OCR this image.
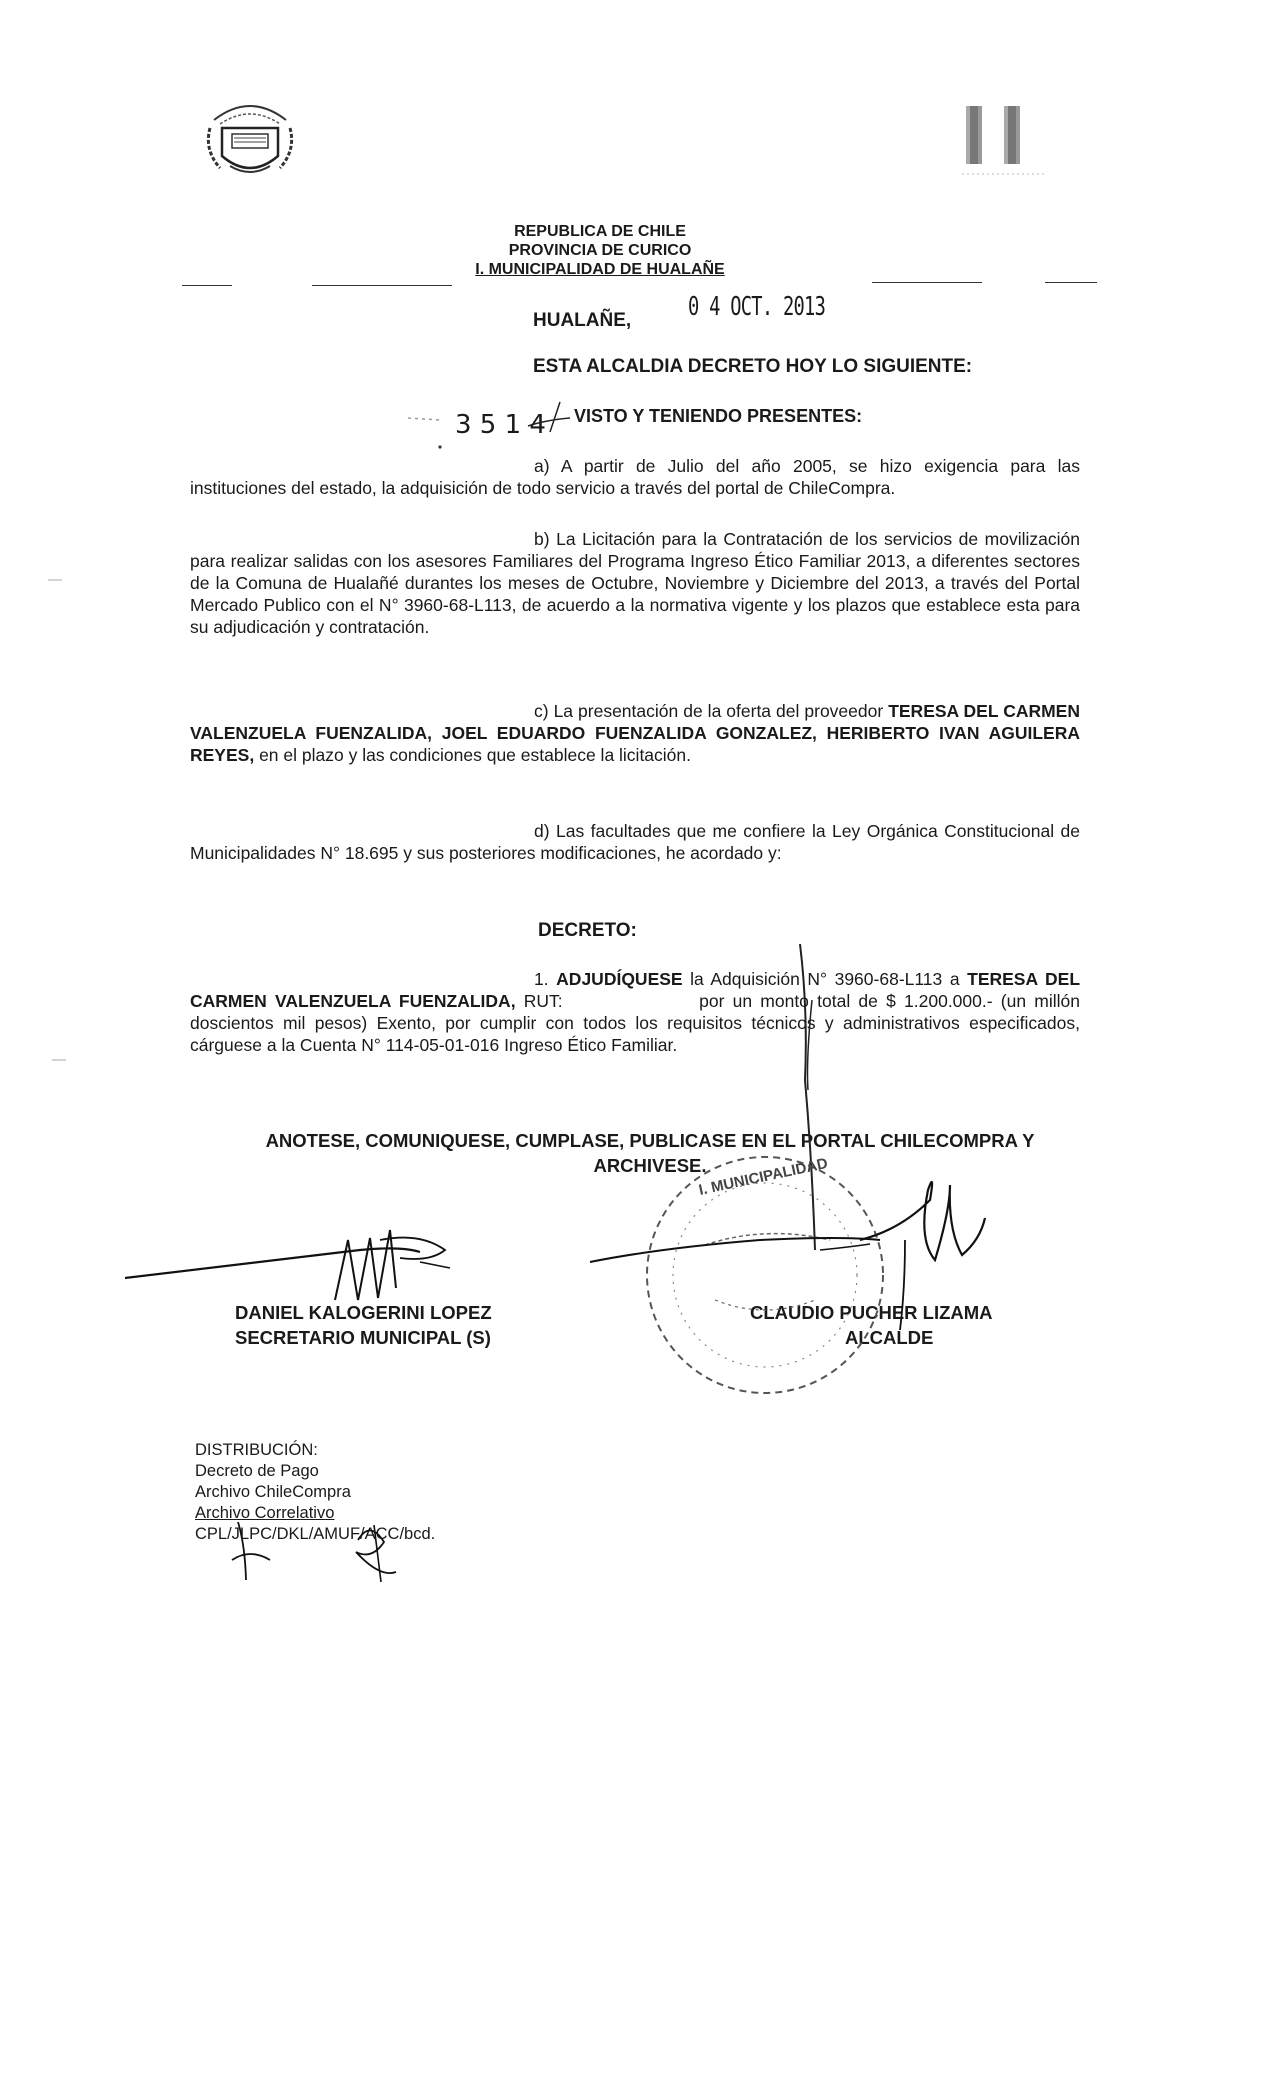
REPUBLICA DE CHILE
PROVINCIA DE CURICO
I. MUNICIPALIDAD DE HUALAÑE
HUALAÑE, 0 4 OCT. 2013
ESTA ALCALDIA DECRETO HOY LO SIGUIENTE:
3 5 1 4 VISTO Y TENIENDO PRESENTES:
a) A partir de Julio del año 2005, se hizo exigencia para las instituciones del estado, la adquisición de todo servicio a través del portal de ChileCompra.
b) La Licitación para la Contratación de los servicios de movilización para realizar salidas con los asesores Familiares del Programa Ingreso Ético Familiar 2013, a diferentes sectores de la Comuna de Hualañé durantes los meses de Octubre, Noviembre y Diciembre del 2013, a través del Portal Mercado Publico con el N° 3960-68-L113, de acuerdo a la normativa vigente y los plazos que establece esta para su adjudicación y contratación.
c) La presentación de la oferta del proveedor TERESA DEL CARMEN VALENZUELA FUENZALIDA, JOEL EDUARDO FUENZALIDA GONZALEZ, HERIBERTO IVAN AGUILERA REYES, en el plazo y las condiciones que establece la licitación.
d) Las facultades que me confiere la Ley Orgánica Constitucional de Municipalidades N° 18.695 y sus posteriores modificaciones, he acordado y:
DECRETO:
1. ADJUDÍQUESE la Adquisición N° 3960-68-L113 a TERESA DEL CARMEN VALENZUELA FUENZALIDA, RUT:	por un monto total de $ 1.200.000.- (un millón doscientos mil pesos) Exento, por cumplir con todos los requisitos técnicos y administrativos especificados, cárguese a la Cuenta N° 114-05-01-016 Ingreso Ético Familiar.
ANOTESE, COMUNIQUESE, CUMPLASE, PUBLICASE EN EL PORTAL CHILECOMPRA Y
ARCHIVESE.
DANIEL KALOGERINI LOPEZ
SECRETARIO MUNICIPAL (S)
CLAUDIO PUCHER LIZAMA
ALCALDE
DISTRIBUCIÓN:
Decreto de Pago
Archivo ChileCompra
Archivo Correlativo
CPL/JLPC/DKL/AMUF/ACC/bcd.
I. MUNICIPALIDAD
